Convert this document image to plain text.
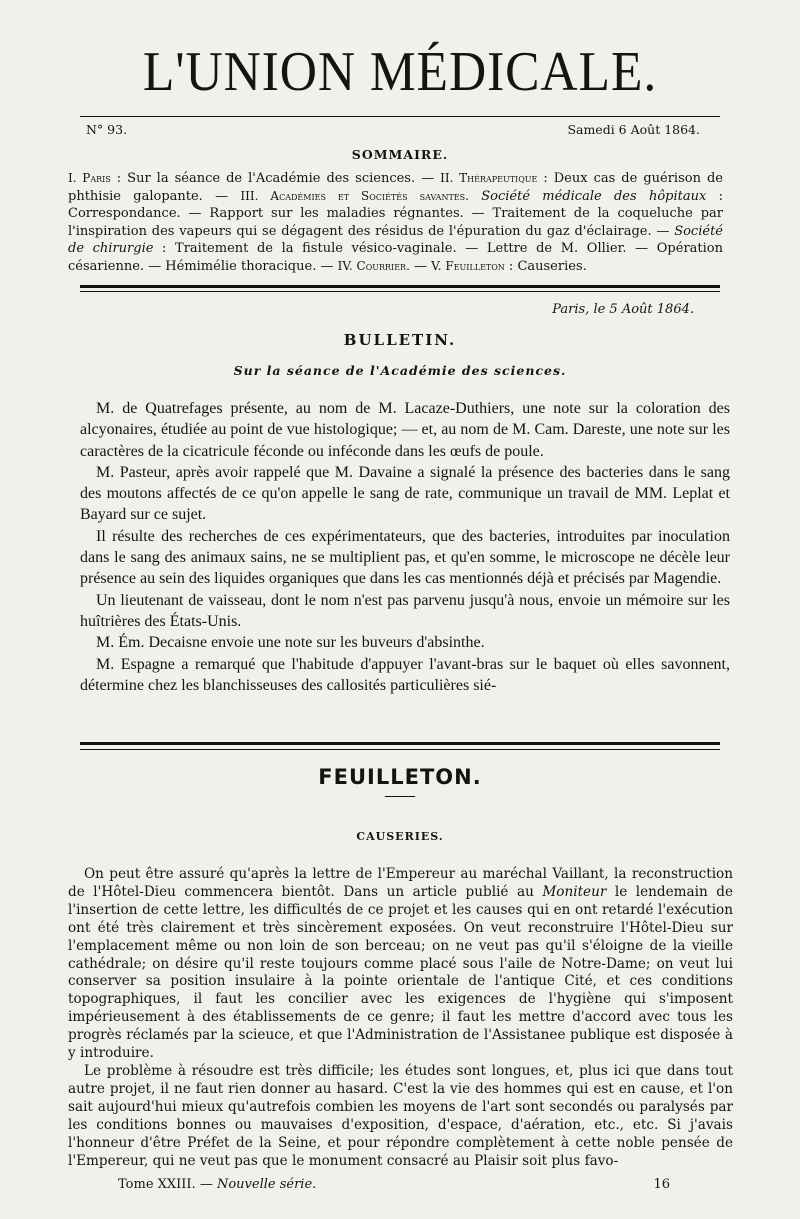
L'UNION MÉDICALE.
N° 93.	Samedi 6 Août 1864.
SOMMAIRE.
I. Paris : Sur la séance de l'Académie des sciences. — II. Thérapeutique : Deux cas de guérison de phthisie galopante. — III. Académies et Sociétés savantes. Société médicale des hôpitaux : Correspondance. — Rapport sur les maladies régnantes. — Traitement de la coqueluche par l'inspiration des vapeurs qui se dégagent des résidus de l'épuration du gaz d'éclairage. — Société de chirurgie : Traitement de la fistule vésico-vaginale. — Lettre de M. Ollier. — Opération césarienne. — Hémimélie thoracique. — IV. Courrier. — V. Feuilleton : Causeries.
Paris, le 5 Août 1864.
BULLETIN.
Sur la séance de l'Académie des sciences.

M. de Quatrefages présente, au nom de M. Lacaze-Duthiers, une note sur la coloration des alcyonaires, étudiée au point de vue histologique; — et, au nom de M. Cam. Dareste, une note sur les caractères de la cicatricule féconde ou inféconde dans les œufs de poule.

M. Pasteur, après avoir rappelé que M. Davaine a signalé la présence des bacteries dans le sang des moutons affectés de ce qu'on appelle le sang de rate, communique un travail de MM. Leplat et Bayard sur ce sujet.

Il résulte des recherches de ces expérimentateurs, que des bacteries, introduites par inoculation dans le sang des animaux sains, ne se multiplient pas, et qu'en somme, le microscope ne décèle leur présence au sein des liquides organiques que dans les cas mentionnés déjà et précisés par Magendie.

Un lieutenant de vaisseau, dont le nom n'est pas parvenu jusqu'à nous, envoie un mémoire sur les huîtrières des États-Unis.

M. Ém. Decaisne envoie une note sur les buveurs d'absinthe.

M. Espagne a remarqué que l'habitude d'appuyer l'avant-bras sur le baquet où elles savonnent, détermine chez les blanchisseuses des callosités particulières sié-

FEUILLETON.
CAUSERIES.

On peut être assuré qu'après la lettre de l'Empereur au maréchal Vaillant, la reconstruction de l'Hôtel-Dieu commencera bientôt. Dans un article publié au Moniteur le lendemain de l'insertion de cette lettre, les difficultés de ce projet et les causes qui en ont retardé l'exécution ont été très clairement et très sincèrement exposées. On veut reconstruire l'Hôtel-Dieu sur l'emplacement même ou non loin de son berceau; on ne veut pas qu'il s'éloigne de la vieille cathédrale; on désire qu'il reste toujours comme placé sous l'aile de Notre-Dame; on veut lui conserver sa position insulaire à la pointe orientale de l'antique Cité, et ces conditions topographiques, il faut les concilier avec les exigences de l'hygiène qui s'imposent impérieusement à des établissements de ce genre; il faut les mettre d'accord avec tous les progrès réclamés par la scieuce, et que l'Administration de l'Assistanee publique est disposée à y introduire.

Le problème à résoudre est très difficile; les études sont longues, et, plus ici que dans tout autre projet, il ne faut rien donner au hasard. C'est la vie des hommes qui est en cause, et l'on sait aujourd'hui mieux qu'autrefois combien les moyens de l'art sont secondés ou paralysés par les conditions bonnes ou mauvaises d'exposition, d'espace, d'aération, etc., etc. Si j'avais l'honneur d'être Préfet de la Seine, et pour répondre complètement à cette noble pensée de l'Empereur, qui ne veut pas que le monument consacré au Plaisir soit plus favo-

Tome XXIII. — Nouvelle série.	16
